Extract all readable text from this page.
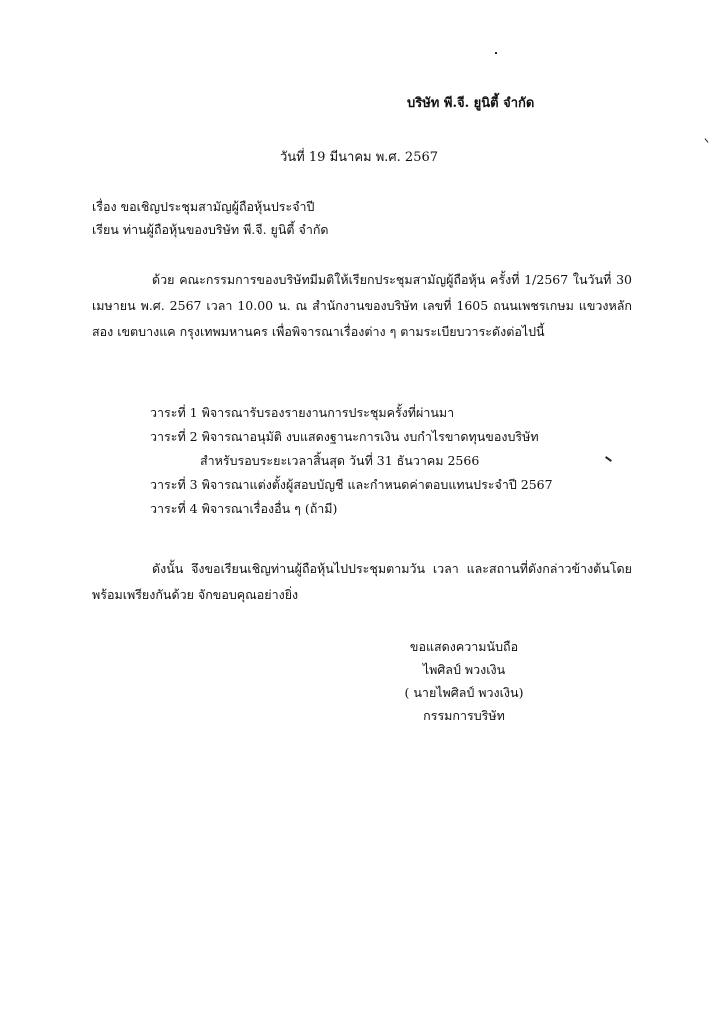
บริษัท พี.จี. ยูนิตี้ จำกัด
วันที่ 19 มีนาคม พ.ศ. 2567
เรื่อง ขอเชิญประชุมสามัญผู้ถือหุ้นประจำปี
เรียน ท่านผู้ถือหุ้นของบริษัท พี.จี. ยูนิตี้ จำกัด
ด้วย คณะกรรมการของบริษัทมีมติให้เรียกประชุมสามัญผู้ถือหุ้น ครั้งที่ 1/2567 ในวันที่ 30 เมษายน พ.ศ. 2567 เวลา 10.00 น. ณ สำนักงานของบริษัท เลขที่ 1605 ถนนเพชรเกษม แขวงหลักสอง เขตบางแค กรุงเทพมหานคร เพื่อพิจารณาเรื่องต่าง ๆ ตามระเบียบวาระดังต่อไปนี้
วาระที่ 1 พิจารณารับรองรายงานการประชุมครั้งที่ผ่านมา
วาระที่ 2 พิจารณาอนุมัติ งบแสดงฐานะการเงิน งบกำไรขาดทุนของบริษัท
สำหรับรอบระยะเวลาสิ้นสุด วันที่ 31 ธันวาคม 2566
วาระที่ 3 พิจารณาแต่งตั้งผู้สอบบัญชี และกำหนดค่าตอบแทนประจำปี 2567
วาระที่ 4 พิจารณาเรื่องอื่น ๆ (ถ้ามี)
ดังนั้น จึงขอเรียนเชิญท่านผู้ถือหุ้นไปประชุมตามวัน เวลา และสถานที่ดังกล่าวข้างต้นโดยพร้อมเพรียงกันด้วย จักขอบคุณอย่างยิ่ง
ขอแสดงความนับถือ
ไพศิลป์ พวงเงิน
( นายไพศิลป์ พวงเงิน)
กรรมการบริษัท
